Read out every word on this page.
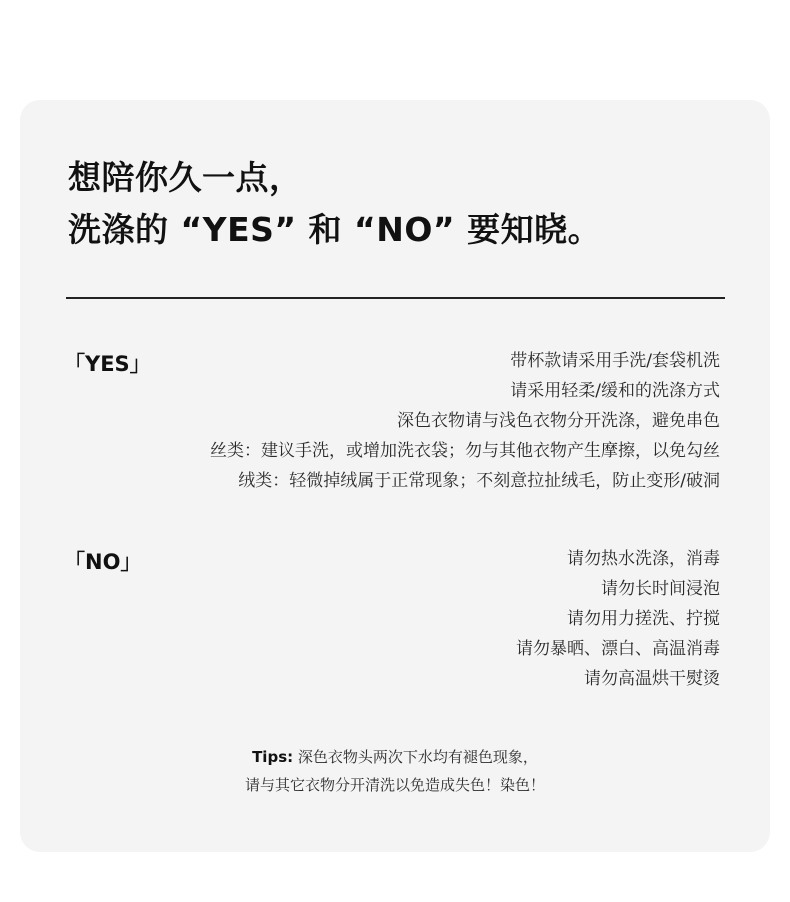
想陪你久一点，
洗涤的 “YES” 和 “NO” 要知晓。
「YES」	带杯款请采用手洗/套袋机洗
请采用轻柔/缓和的洗涤方式
深色衣物请与浅色衣物分开洗涤，避免串色
丝类：建议手洗，或增加洗衣袋；勿与其他衣物产生摩擦，以免勾丝
绒类：轻微掉绒属于正常现象；不刻意拉扯绒毛，防止变形/破洞
「NO」	请勿热水洗涤，消毒
请勿长时间浸泡
请勿用力搓洗、拧搅
请勿暴晒、漂白、高温消毒
请勿高温烘干熨烫
Tips: 深色衣物头两次下水均有褪色现象，
请与其它衣物分开清洗以免造成失色！染色！
